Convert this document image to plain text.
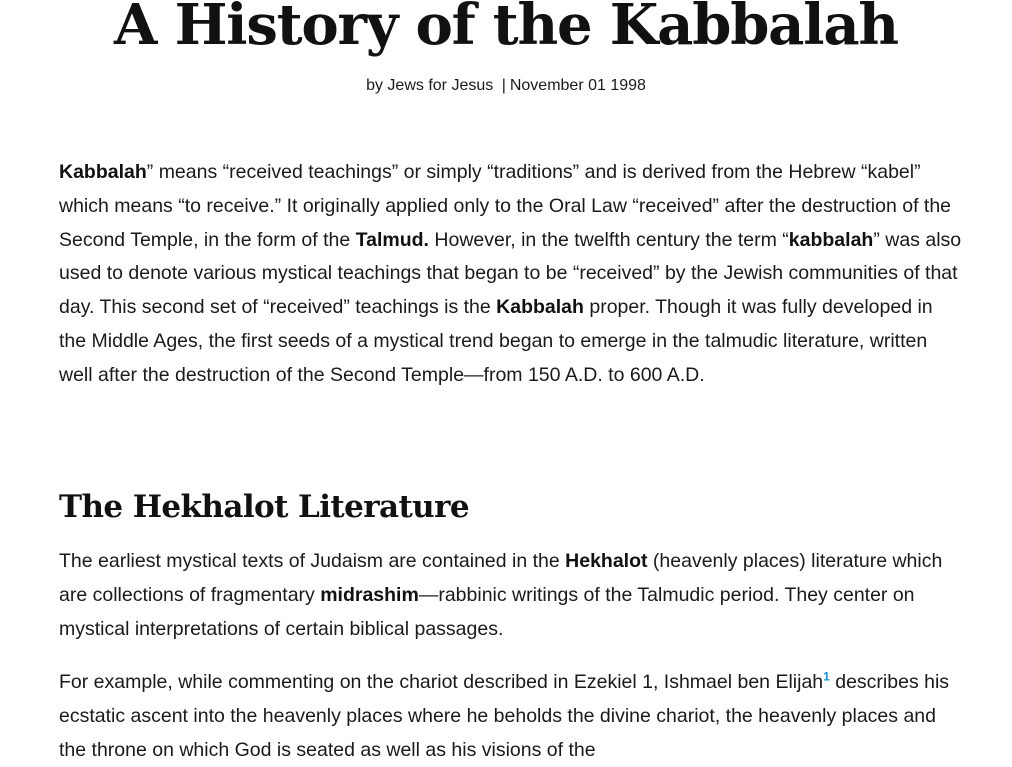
A History of the Kabbalah
by Jews for Jesus | November 01 1998

Kabbalah” means “received teachings” or simply “traditions” and is derived from the Hebrew “kabel” which means “to receive.” It originally applied only to the Oral Law “received” after the destruction of the Second Temple, in the form of the Talmud. However, in the twelfth century the term “kabbalah” was also used to denote various mystical teachings that began to be “received” by the Jewish communities of that day. This second set of “received” teachings is the Kabbalah proper. Though it was fully developed in the Middle Ages, the first seeds of a mystical trend began to emerge in the talmudic literature, written well after the destruction of the Second Temple—from 150 A.D. to 600 A.D.

The Hekhalot Literature

The earliest mystical texts of Judaism are contained in the Hekhalot (heavenly places) literature which are collections of fragmentary midrashim—rabbinic writings of the Talmudic period. They center on mystical interpretations of certain biblical passages.

For example, while commenting on the chariot described in Ezekiel 1, Ishmael ben Elijah$^1$ describes his ecstatic ascent into the heavenly places where he beholds the divine chariot, the heavenly places and the throne on which God is seated as well as his visions of the
